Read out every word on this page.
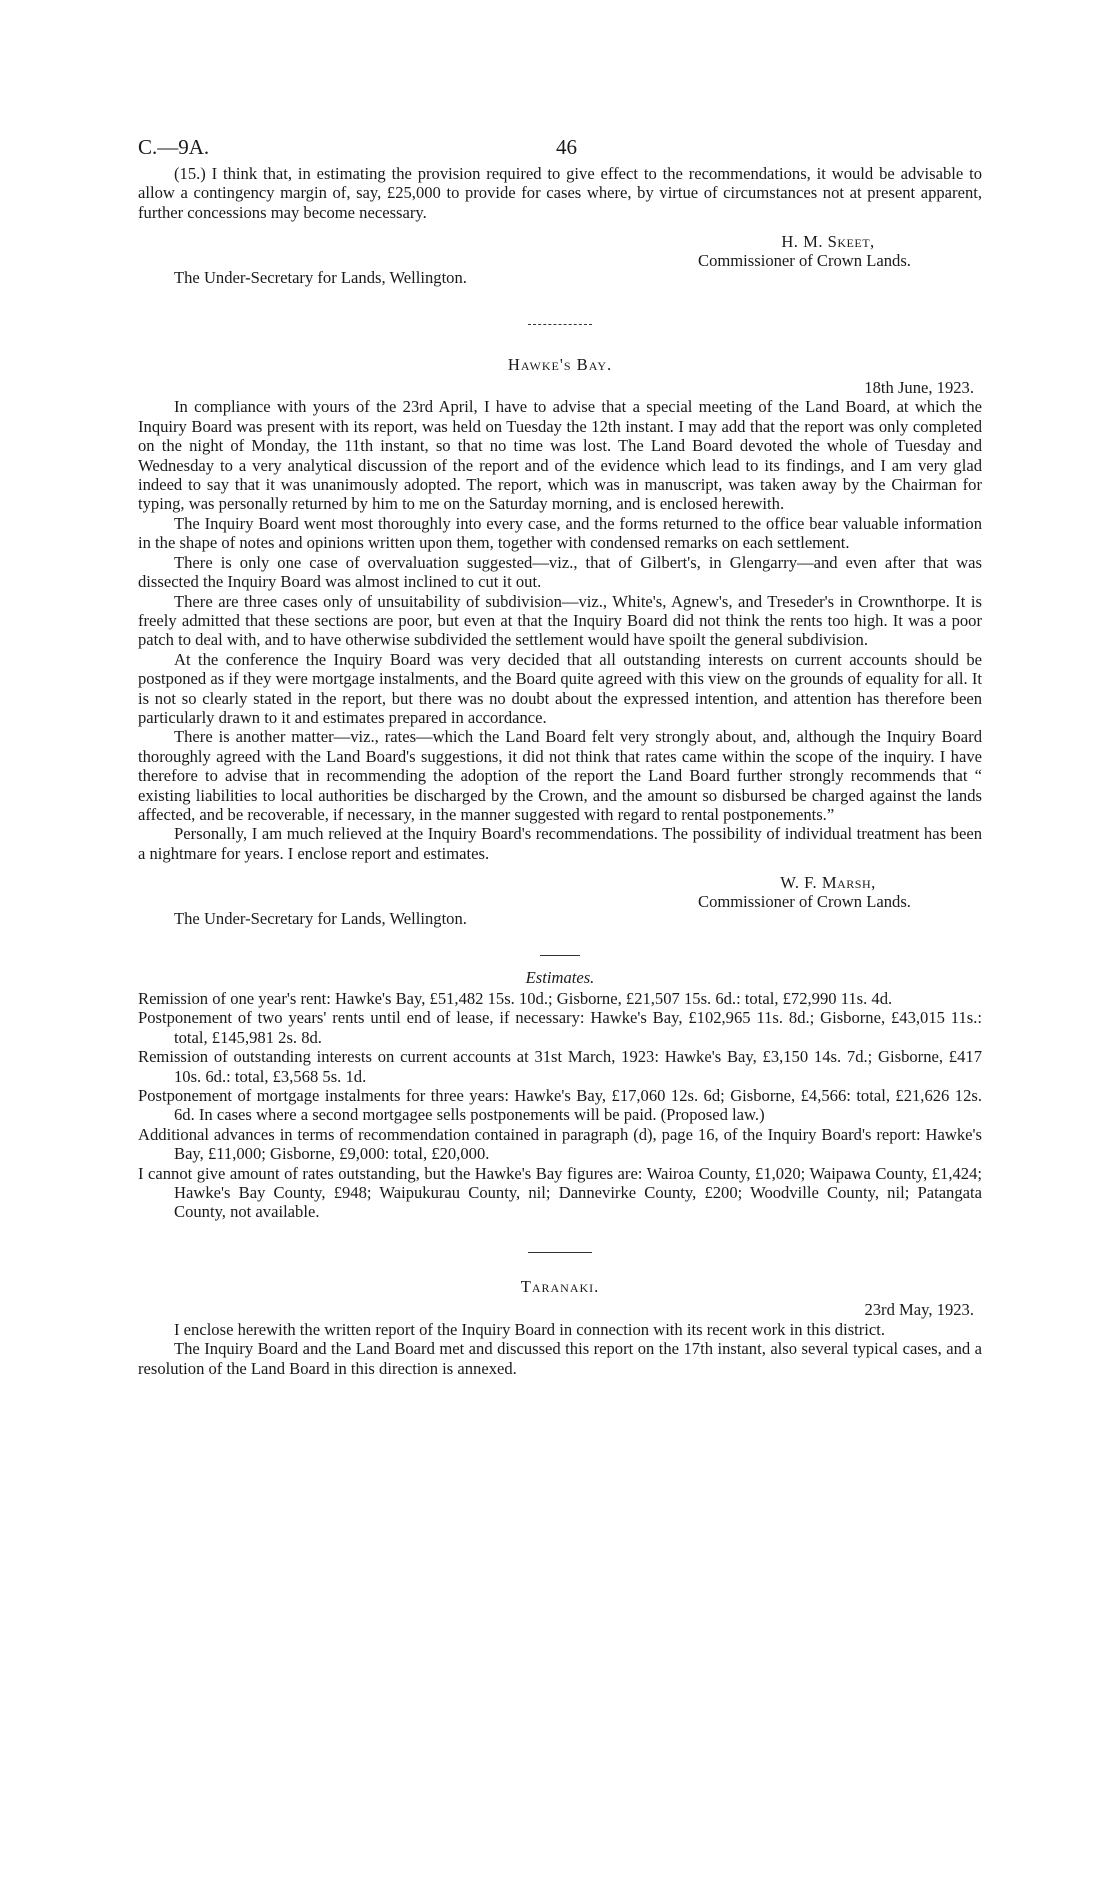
C.—9A.	46

(15.) I think that, in estimating the provision required to give effect to the recommendations, it would be advisable to allow a contingency margin of, say, £25,000 to provide for cases where, by virtue of circumstances not at present apparent, further concessions may become necessary.

H. M. Skeet,
Commissioner of Crown Lands.
The Under-Secretary for Lands, Wellington.
Hawke's Bay.
18th June, 1923.

In compliance with yours of the 23rd April, I have to advise that a special meeting of the Land Board, at which the Inquiry Board was present with its report, was held on Tuesday the 12th instant. I may add that the report was only completed on the night of Monday, the 11th instant, so that no time was lost. The Land Board devoted the whole of Tuesday and Wednesday to a very analytical discussion of the report and of the evidence which lead to its findings, and I am very glad indeed to say that it was unanimously adopted. The report, which was in manuscript, was taken away by the Chairman for typing, was personally returned by him to me on the Saturday morning, and is enclosed herewith.

The Inquiry Board went most thoroughly into every case, and the forms returned to the office bear valuable information in the shape of notes and opinions written upon them, together with condensed remarks on each settlement.

There is only one case of overvaluation suggested—viz., that of Gilbert's, in Glengarry—and even after that was dissected the Inquiry Board was almost inclined to cut it out.

There are three cases only of unsuitability of subdivision—viz., White's, Agnew's, and Treseder's in Crownthorpe. It is freely admitted that these sections are poor, but even at that the Inquiry Board did not think the rents too high. It was a poor patch to deal with, and to have otherwise subdivided the settlement would have spoilt the general subdivision.

At the conference the Inquiry Board was very decided that all outstanding interests on current accounts should be postponed as if they were mortgage instalments, and the Board quite agreed with this view on the grounds of equality for all. It is not so clearly stated in the report, but there was no doubt about the expressed intention, and attention has therefore been particularly drawn to it and estimates prepared in accordance.

There is another matter—viz., rates—which the Land Board felt very strongly about, and, although the Inquiry Board thoroughly agreed with the Land Board's suggestions, it did not think that rates came within the scope of the inquiry. I have therefore to advise that in recommending the adoption of the report the Land Board further strongly recommends that “ existing liabilities to local authorities be discharged by the Crown, and the amount so disbursed be charged against the lands affected, and be recoverable, if necessary, in the manner suggested with regard to rental postponements.”

Personally, I am much relieved at the Inquiry Board's recommendations. The possibility of individual treatment has been a nightmare for years. I enclose report and estimates.

W. F. Marsh,
Commissioner of Crown Lands.
The Under-Secretary for Lands, Wellington.
Estimates.

Remission of one year's rent: Hawke's Bay, £51,482 15s. 10d.; Gisborne, £21,507 15s. 6d.: total, £72,990 11s. 4d.

Postponement of two years' rents until end of lease, if necessary: Hawke's Bay, £102,965 11s. 8d.; Gisborne, £43,015 11s.: total, £145,981 2s. 8d.

Remission of outstanding interests on current accounts at 31st March, 1923: Hawke's Bay, £3,150 14s. 7d.; Gisborne, £417 10s. 6d.: total, £3,568 5s. 1d.

Postponement of mortgage instalments for three years: Hawke's Bay, £17,060 12s. 6d; Gisborne, £4,566: total, £21,626 12s. 6d. In cases where a second mortgagee sells postponements will be paid. (Proposed law.)

Additional advances in terms of recommendation contained in paragraph (d), page 16, of the Inquiry Board's report: Hawke's Bay, £11,000; Gisborne, £9,000: total, £20,000.

I cannot give amount of rates outstanding, but the Hawke's Bay figures are: Wairoa County, £1,020; Waipawa County, £1,424; Hawke's Bay County, £948; Waipukurau County, nil; Dannevirke County, £200; Woodville County, nil; Patangata County, not available.

Taranaki.
23rd May, 1923.

I enclose herewith the written report of the Inquiry Board in connection with its recent work in this district.

The Inquiry Board and the Land Board met and discussed this report on the 17th instant, also several typical cases, and a resolution of the Land Board in this direction is annexed.
